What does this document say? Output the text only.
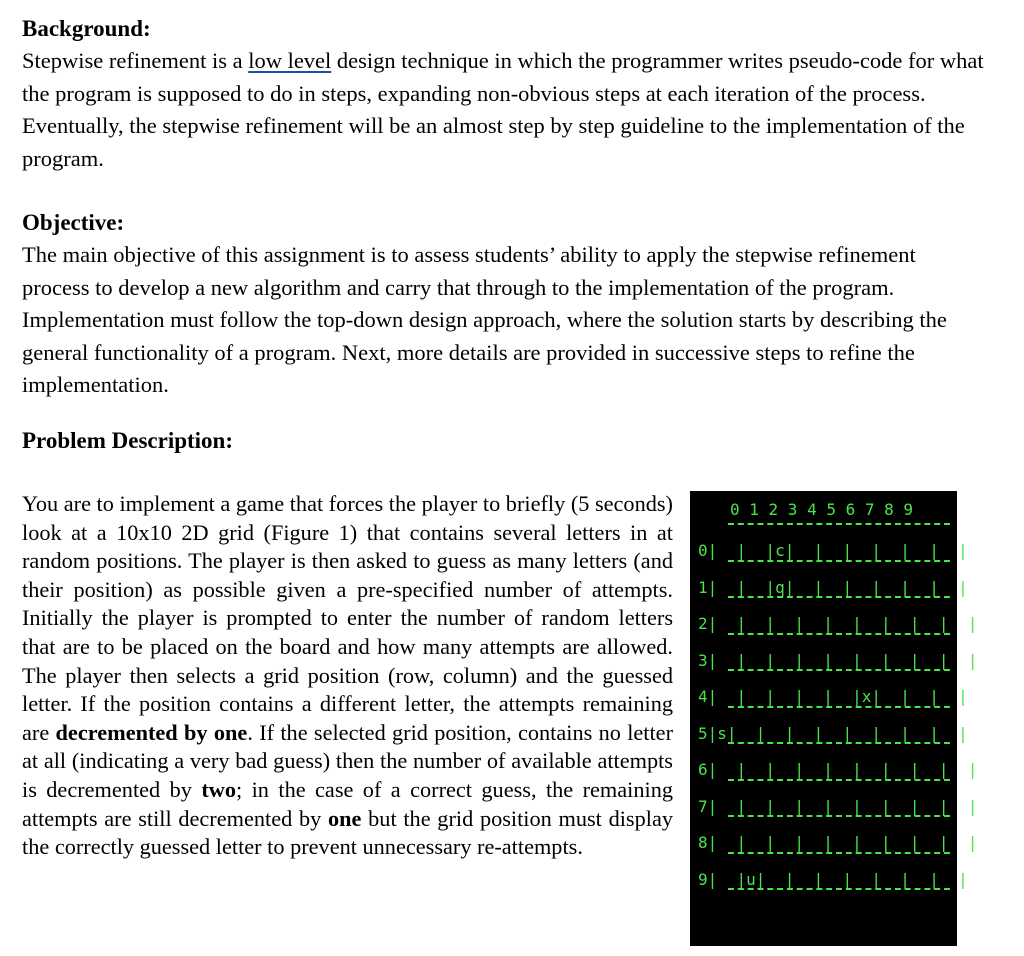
Background:
Stepwise refinement is a low level design technique in which the programmer writes pseudo-code for what the program is supposed to do in steps, expanding non-obvious steps at each iteration of the process. Eventually, the stepwise refinement will be an almost step by step guideline to the implementation of the program.
Objective:
The main objective of this assignment is to assess students’ ability to apply the stepwise refinement process to develop a new algorithm and carry that through to the implementation of the program. Implementation must follow the top-down design approach, where the solution starts by describing the general functionality of a program. Next, more details are provided in successive steps to refine the implementation.
Problem Description:
You are to implement a game that forces the player to briefly (5 seconds) look at a 10x10 2D grid (Figure 1) that contains several letters in at random positions. The player is then asked to guess as many letters (and their position) as possible given a pre-specified number of attempts. Initially the player is prompted to enter the number of random letters that are to be placed on the board and how many attempts are allowed. The player then selects a grid position (row, column) and the guessed letter. If the position contains a different letter, the attempts remaining are decremented by one. If the selected grid position, contains no letter at all (indicating a very bad guess) then the number of available attempts is decremented by two; in the case of a correct guess, the remaining attempts are still decremented by one but the grid position must display the correctly guessed letter to prevent unnecessary re-attempts.
0 1 2 3 4 5 6 7 8 9
0|  |  |c|  |  |  |  |  |  |
1|  |  |q|  |  |  |  |  |  |
2|  |  |  |  |  |  |  |  |  |
3|  |  |  |  |  |  |  |  |  |
4|  |  |  |  |  |x|  |  |  |
5|s|  |  |  |  |  |  |  |  |
6|  |  |  |  |  |  |  |  |  |
7|  |  |  |  |  |  |  |  |  |
8|  |  |  |  |  |  |  |  |  |
9|  |u|  |  |  |  |  |  |  |
